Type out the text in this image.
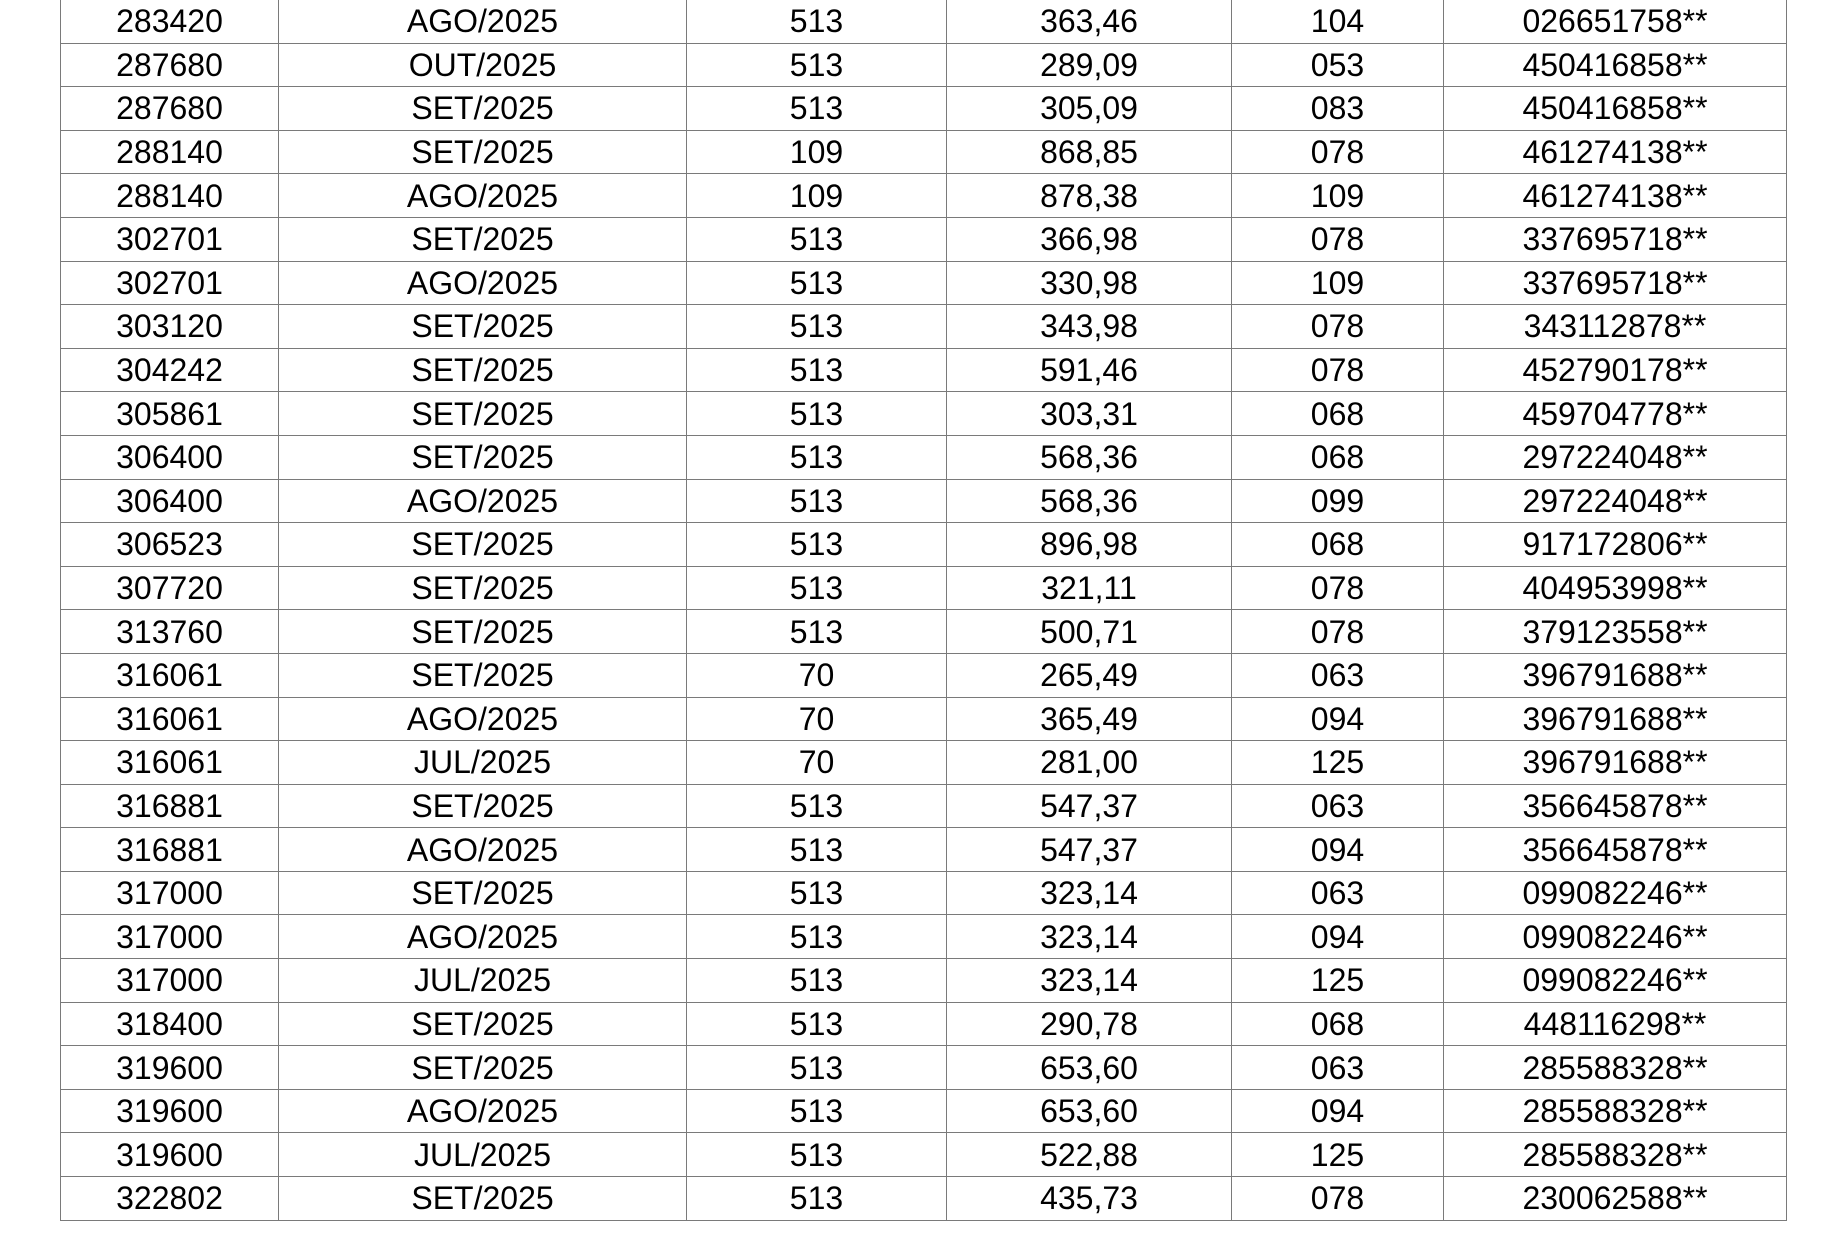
283420	AGO/2025	513	363,46	104	026651758**
287680	OUT/2025	513	289,09	053	450416858**
287680	SET/2025	513	305,09	083	450416858**
288140	SET/2025	109	868,85	078	461274138**
288140	AGO/2025	109	878,38	109	461274138**
302701	SET/2025	513	366,98	078	337695718**
302701	AGO/2025	513	330,98	109	337695718**
303120	SET/2025	513	343,98	078	343112878**
304242	SET/2025	513	591,46	078	452790178**
305861	SET/2025	513	303,31	068	459704778**
306400	SET/2025	513	568,36	068	297224048**
306400	AGO/2025	513	568,36	099	297224048**
306523	SET/2025	513	896,98	068	917172806**
307720	SET/2025	513	321,11	078	404953998**
313760	SET/2025	513	500,71	078	379123558**
316061	SET/2025	70	265,49	063	396791688**
316061	AGO/2025	70	365,49	094	396791688**
316061	JUL/2025	70	281,00	125	396791688**
316881	SET/2025	513	547,37	063	356645878**
316881	AGO/2025	513	547,37	094	356645878**
317000	SET/2025	513	323,14	063	099082246**
317000	AGO/2025	513	323,14	094	099082246**
317000	JUL/2025	513	323,14	125	099082246**
318400	SET/2025	513	290,78	068	448116298**
319600	SET/2025	513	653,60	063	285588328**
319600	AGO/2025	513	653,60	094	285588328**
319600	JUL/2025	513	522,88	125	285588328**
322802	SET/2025	513	435,73	078	230062588**
